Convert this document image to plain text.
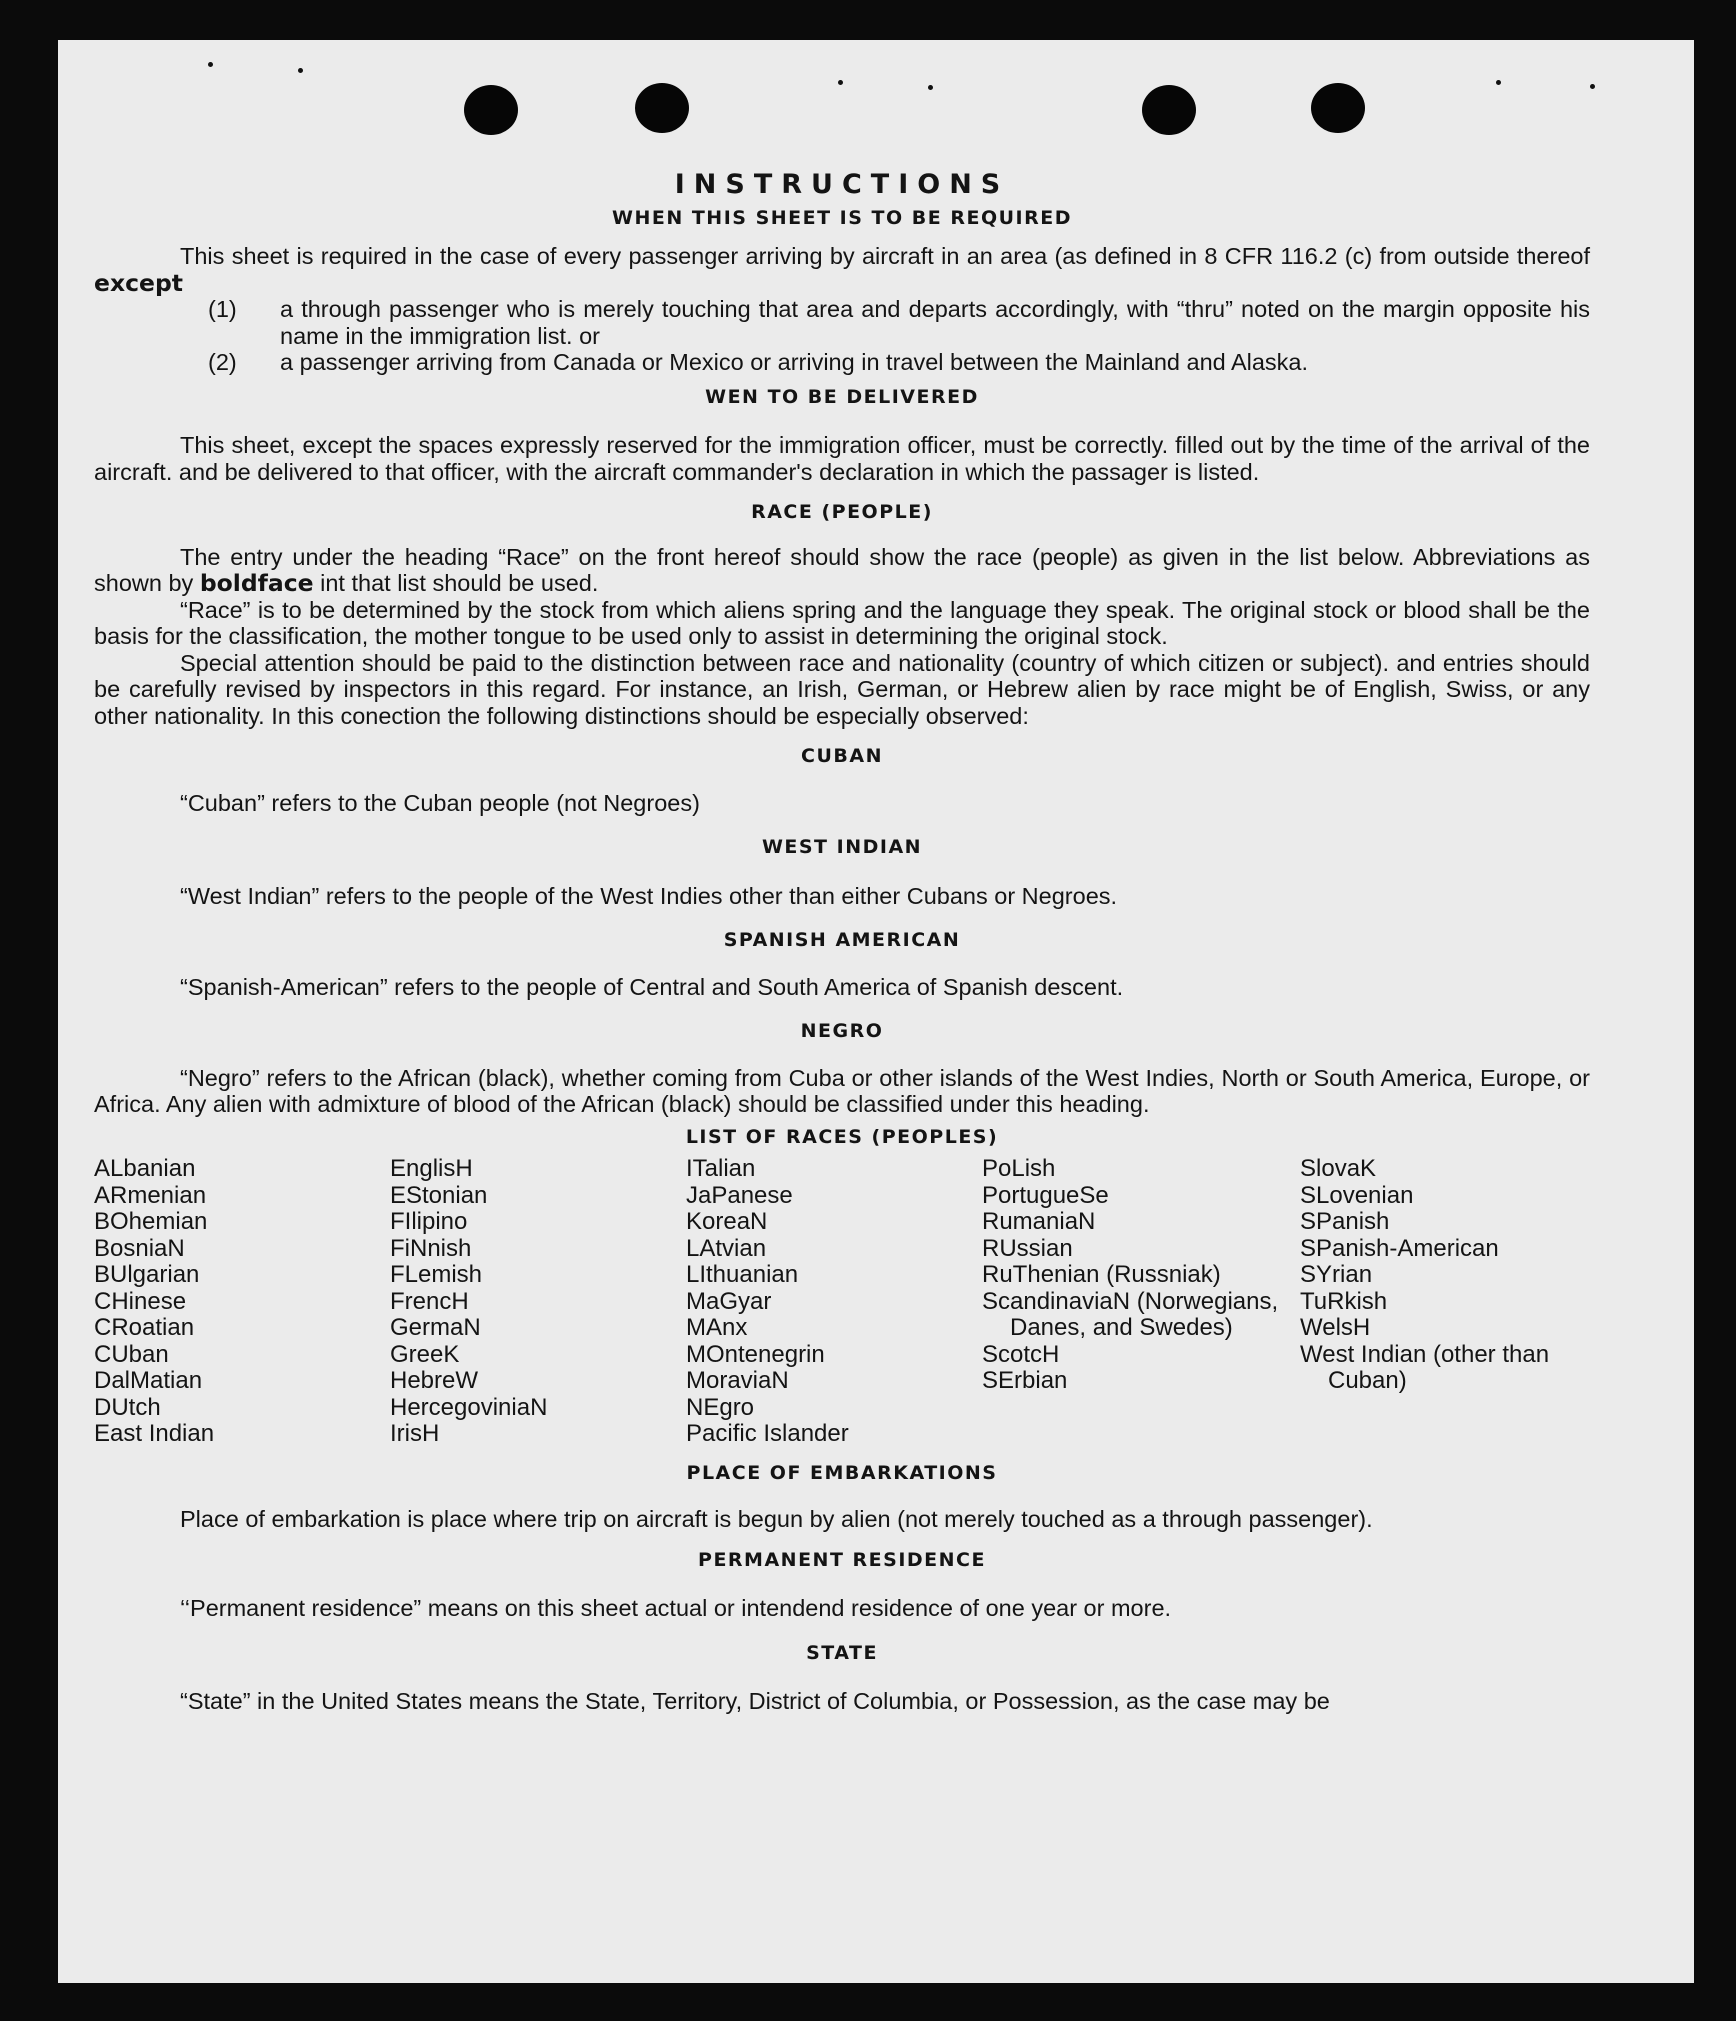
INSTRUCTIONS
WHEN THIS SHEET IS TO BE REQUIRED

This sheet is required in the case of every passenger arriving by aircraft in an area (as defined in 8 CFR 116.2 (c) from outside thereof except

(1)	a through passenger who is merely touching that area and departs accordingly, with “thru” noted on the margin opposite his name in the immigration list. or
(2)	a passenger arriving from Canada or Mexico or arriving in travel between the Mainland and Alaska.
WEN TO BE DELIVERED

This sheet, except the spaces expressly reserved for the immigration officer, must be correctly. filled out by the time of the arrival of the aircraft. and be delivered to that officer, with the aircraft commander's declaration in which the passager is listed.

RACE (PEOPLE)

The entry under the heading “Race” on the front hereof should show the race (people) as given in the list below. Abbreviations as shown by boldface int that list should be used.

“Race” is to be determined by the stock from which aliens spring and the language they speak. The original stock or blood shall be the basis for the classification, the mother tongue to be used only to assist in determining the original stock.

Special attention should be paid to the distinction between race and nationality (country of which citizen or subject). and entries should be carefully revised by inspectors in this regard. For instance, an Irish, German, or Hebrew alien by race might be of English, Swiss, or any other nationality. In this conection the following distinctions should be especially observed:

CUBAN

“Cuban” refers to the Cuban people (not Negroes)

WEST INDIAN

“West Indian” refers to the people of the West Indies other than either Cubans or Negroes.

SPANISH AMERICAN

“Spanish-American” refers to the people of Central and South America of Spanish descent.

NEGRO

“Negro” refers to the African (black), whether coming from Cuba or other islands of the West Indies, North or South America, Europe, or Africa. Any alien with admixture of blood of the African (black) should be classified under this heading.

LIST OF RACES (PEOPLES)
ALbanian
ARmenian
BOhemian
BosniaN
BUlgarian
CHinese
CRoatian
CUban
DalMatian
DUtch
East Indian
EnglisH
EStonian
FIlipino
FiNnish
FLemish
FrencH
GermaN
GreeK
HebreW
HercegoviniaN
IrisH
ITalian
JaPanese
KoreaN
LAtvian
LIthuanian
MaGyar
MAnx
MOntenegrin
MoraviaN
NEgro
Pacific Islander
PoLish
PortugueSe
RumaniaN
RUssian
RuThenian (Russniak)
ScandinaviaN (Norwegians, Danes, and Swedes)
ScotcH
SErbian
SlovaK
SLovenian
SPanish
SPanish-American
SYrian
TuRkish
WelsH
West Indian (other than Cuban)
PLACE OF EMBARKATIONS

Place of embarkation is place where trip on aircraft is begun by alien (not merely touched as a through passenger).

PERMANENT RESIDENCE

‘‘Permanent residence” means on this sheet actual or intendend residence of one year or more.

STATE

“State” in the United States means the State, Territory, District of Columbia, or Possession, as the case may be
